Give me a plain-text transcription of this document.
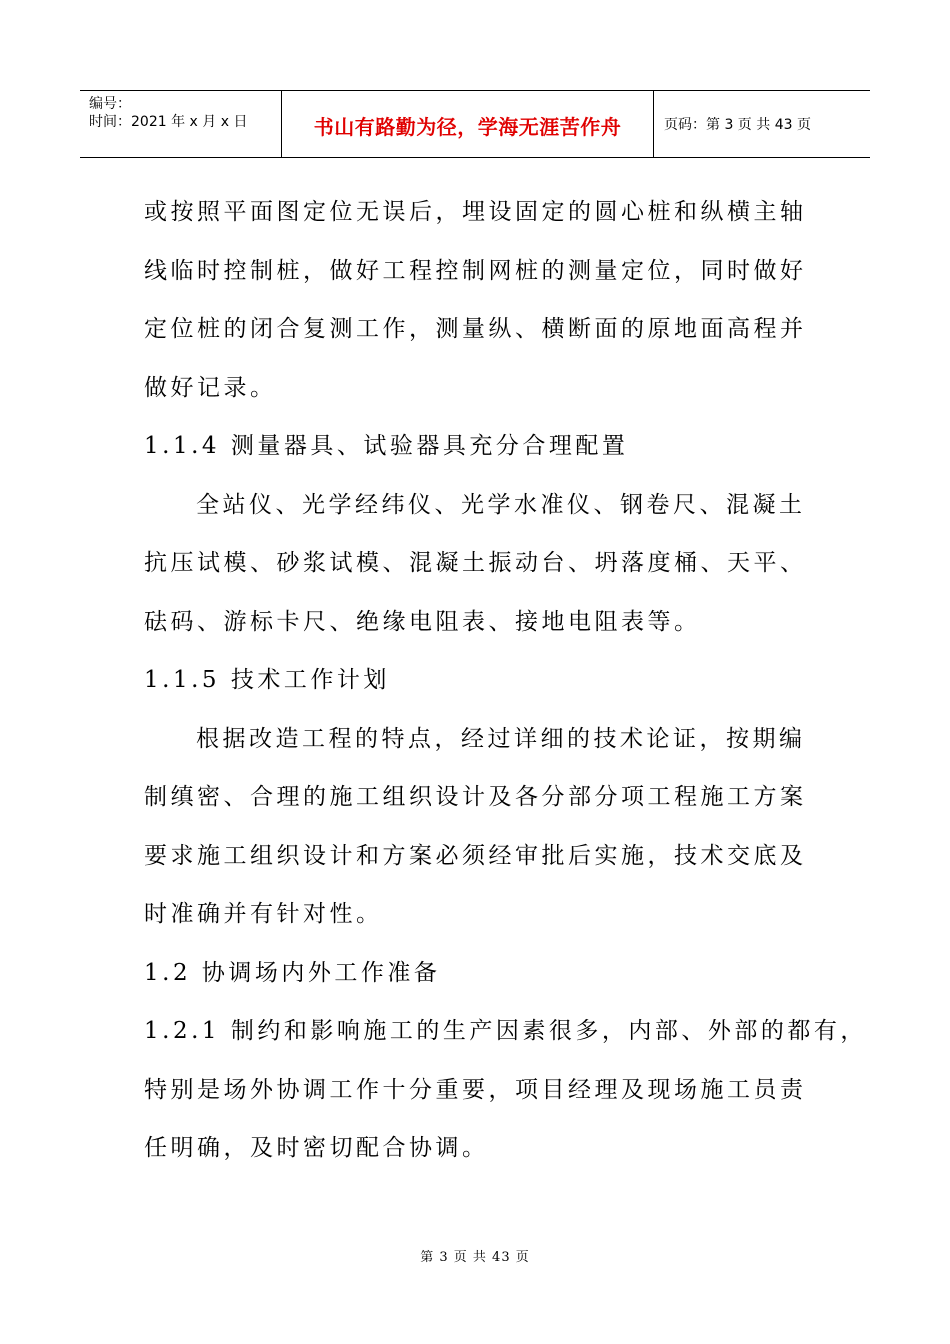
编号：
时间：2021 年 x 月 x 日	书山有路勤为径，学海无涯苦作舟	页码：第 3 页 共 43 页
或按照平面图定位无误后，埋设固定的圆心桩和纵横主轴
线临时控制桩，做好工程控制网桩的测量定位，同时做好
定位桩的闭合复测工作，测量纵、横断面的原地面高程并
做好记录。
1.1.4 测量器具、试验器具充分合理配置
全站仪、光学经纬仪、光学水准仪、钢卷尺、混凝土
抗压试模、砂浆试模、混凝土振动台、坍落度桶、天平、
砝码、游标卡尺、绝缘电阻表、接地电阻表等。
1.1.5 技术工作计划
根据改造工程的特点，经过详细的技术论证，按期编
制缜密、合理的施工组织设计及各分部分项工程施工方案
要求施工组织设计和方案必须经审批后实施，技术交底及
时准确并有针对性。
1.2 协调场内外工作准备
1.2.1 制约和影响施工的生产因素很多，内部、外部的都有，
特别是场外协调工作十分重要，项目经理及现场施工员责
任明确，及时密切配合协调。
第 3 页 共 43 页
